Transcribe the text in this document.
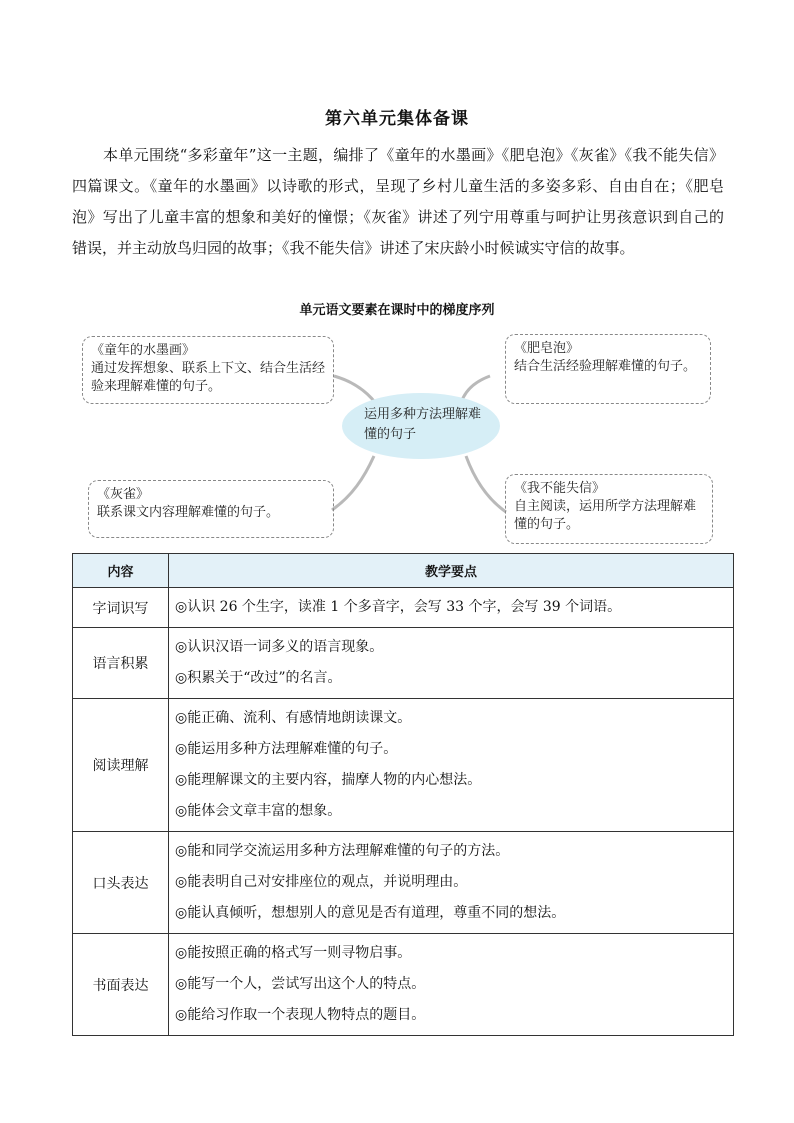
第六单元集体备课
本单元围绕“多彩童年”这一主题，编排了《童年的水墨画》《肥皂泡》《灰雀》《我不能失信》四篇课文。《童年的水墨画》以诗歌的形式，呈现了乡村儿童生活的多姿多彩、自由自在；《肥皂泡》写出了儿童丰富的想象和美好的憧憬；《灰雀》讲述了列宁用尊重与呵护让男孩意识到自己的错误，并主动放鸟归园的故事；《我不能失信》讲述了宋庆龄小时候诚实守信的故事。
单元语文要素在课时中的梯度序列
《童年的水墨画》
通过发挥想象、联系上下文、结合生活经验来理解难懂的句子。
《肥皂泡》
结合生活经验理解难懂的句子。
运用多种方法理解难懂的句子
《灰雀》
联系课文内容理解难懂的句子。
《我不能失信》
自主阅读，运用所学方法理解难懂的句子。
内容	教学要点
字词识写	◎认识 26 个生字，读准 1 个多音字，会写 33 个字，会写 39 个词语。

语言积累	◎认识汉语一词多义的语言现象。
◎积累关于“改过”的名言。

阅读理解	◎能正确、流利、有感情地朗读课文。
◎能运用多种方法理解难懂的句子。
◎能理解课文的主要内容，揣摩人物的内心想法。
◎能体会文章丰富的想象。

口头表达	◎能和同学交流运用多种方法理解难懂的句子的方法。
◎能表明自己对安排座位的观点，并说明理由。
◎能认真倾听，想想别人的意见是否有道理，尊重不同的想法。

书面表达	◎能按照正确的格式写一则寻物启事。
◎能写一个人，尝试写出这个人的特点。
◎能给习作取一个表现人物特点的题目。
